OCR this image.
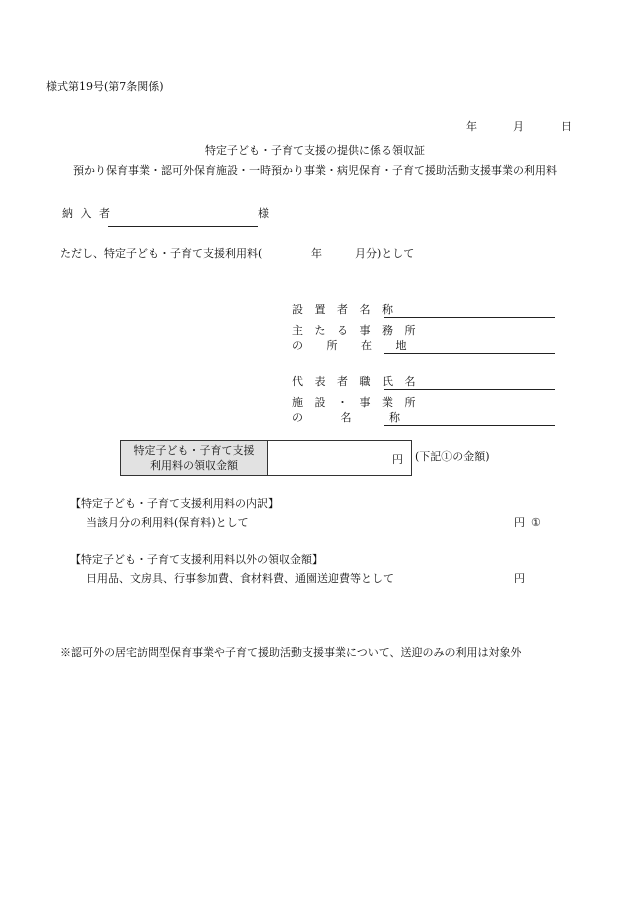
様式第19号(第7条関係)
年	月	日
特定子ども・子育て支援の提供に係る領収証
預かり保育事業・認可外保育施設・一時預かり事業・病児保育・子育て援助活動支援事業の利用料
納 入 者	様
ただし、特定子ども・子育て支援利用料(	年	月分)として
設 置 者 名 称
主 た る 事 務 所
の 所 在 地
代 表 者 職 氏 名
施 設 ・ 事 業 所
の 名 称
特定子ども・子育て支援
利用料の領収金額	円 (下記①の金額)
【特定子ども・子育て支援利用料の内訳】
当該月分の利用料(保育料)として	円 ①
【特定子ども・子育て支援利用料以外の領収金額】
日用品、文房具、行事参加費、食材料費、通園送迎費等として	円
※認可外の居宅訪問型保育事業や子育て援助活動支援事業について、送迎のみの利用は対象外
